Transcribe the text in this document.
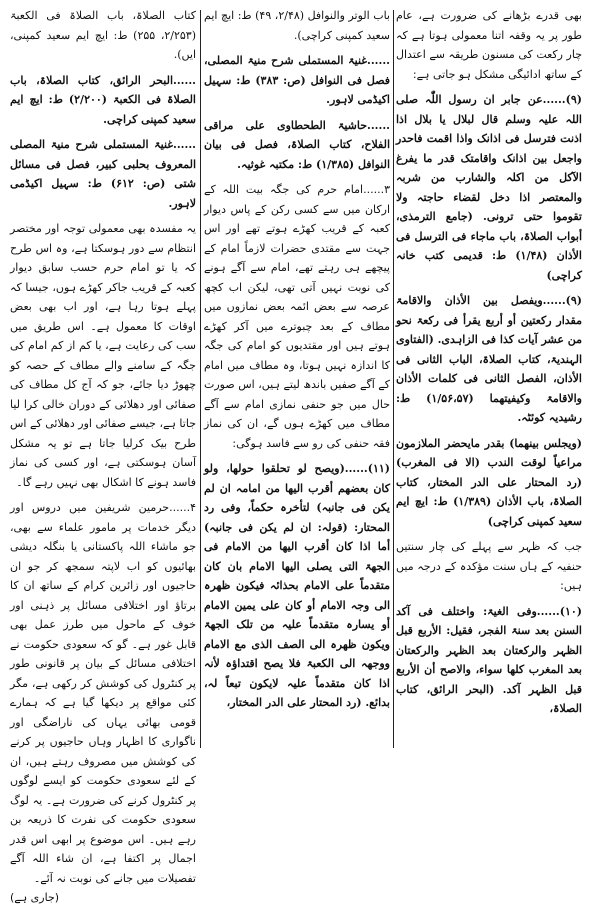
بھی قدرے بڑھانے کی ضرورت ہے، عام طور پر یہ وقفہ اتنا معمولی ہوتا ہے کہ چار رکعت کی مسنون طریقہ سے اعتدال کے ساتھ ادائیگی مشکل ہو جاتی ہے:

(۹)......عن جابر ان رسول اللّٰہ صلی اللہ علیہ وسلم قال لبلال یا بلال اذا اذنت فترسل فی اذانک واذا اقمت فاحدر واجعل بین اذانک واقامتک قدر ما یفرغ الآکل من اکلہ والشارب من شربہ والمعتصر اذا دخل لقضاء حاجتہ ولا تقوموا حتی ترونی. (جامع الترمذی، أبواب الصلاۃ، باب ماجاء فی الترسل فی الأذان (۱/۴۸) ط: قدیمی کتب خانہ کراچی)

(۹)......ویفصل بین الأذان والاقامۃ مقدار رکعتین أو أربع یقرأ فی رکعۃ نحو من عشر آیات کذا فی الزاہدی. (الفتاوی الہندیۃ، کتاب الصلاۃ، الباب الثانی فی الأذان، الفصل الثانی فی کلمات الأذان والاقامۃ وکیفیتھما (۱/۵۶،۵۷) ط: رشیدیہ کوئٹہ.

(ویجلس بینھما) بقدر مایحضر الملازمون مراعیاً لوقت الندب (الا فی المغرب) (رد المحتار علی الدر المختار، کتاب الصلاۃ، باب الأذان (۱/۳۸۹) ط: ایچ ایم سعید کمپنی کراچی)

جب کہ ظہر سے پہلے کی چار سنتیں حنفیہ کے ہاں سنت مؤکدہ کے درجہ میں ہیں:

(۱۰)......وفی الغیۃ: واختلف فی آکد السنن بعد سنۃ الفجر، فقیل: الأربع قبل الظہر والرکعتان بعد الظہر والرکعتان بعد المغرب کلھا سواء، والاصح أن الأربع قبل الظہر آکد. (البحر الرائق، کتاب الصلاۃ،

باب الوتر والنوافل (۲/۴۸، ۴۹) ط: ایچ ایم سعید کمپنی کراچی).

......غنیۃ المستملی شرح منیۃ المصلی، فصل فی النوافل (ص: ۳۸۳) ط: سہیل اکیڈمی لاہور.

......حاشیۃ الطحطاوی علی مراقی الفلاح، کتاب الصلاۃ، فصل فی بیان النوافل (۱/۳۸۵) ط: مکتبہ غوثیہ.

۳......امام حرم کی جگہ بیت اللہ کے ارکان میں سے کسی رکن کے پاس دیوار کعبہ کے قریب کھڑے ہوتے تھے اور اس جہت سے مقتدی حضرات لازماً امام کے پیچھے ہی رہتے تھے، امام سے آگے ہونے کی نوبت نہیں آتی تھی، لیکن اب کچھ عرصہ سے بعض ائمہ بعض نمازوں میں مطاف کے بعد چبوترے میں آکر کھڑے ہوتے ہیں اور مقتدیوں کو امام کی جگہ کا اندازہ نہیں ہوتا، وہ مطاف میں امام کے آگے صفیں باندھ لیتے ہیں، اس صورت حال میں جو حنفی نمازی امام سے آگے مطاف میں کھڑے ہوں گے، ان کی نماز فقہ حنفی کی رو سے فاسد ہوگی:

(۱۱)......(ویصح لو تحلقوا حولھا، ولو کان بعضھم أقرب الیھا من امامہ ان لم یکن فی جانبہ) لتأخرہ حکماً، وفی رد المحتار: (قولہ: ان لم یکن فی جانبہ) أما اذا کان أقرب الیھا من الامام فی الجھۃ التی یصلی الیھا الامام بان کان متقدماً علی الامام بحذائہ فیکون ظھرہ الی وجہ الامام أو کان علی یمین الامام أو یسارہ متقدماً علیہ من تلک الجھۃ ویکون ظھرہ الی الصف الذی مع الامام ووجھہ الی الکعبۃ فلا یصح اقتداؤہ لأنہ اذا کان متقدماً علیہ لایکون تبعاً لہ، بدائع. (رد المحتار علی الدر المختار،

کتاب الصلاۃ، باب الصلاۃ فی الکعبۃ (۲/۲۵۳، ۲۵۵) ط: ایچ ایم سعید کمپنی، ایں).

......البحر الرائق، کتاب الصلاۃ، باب الصلاۃ فی الکعبۃ (۲/۲۰۰) ط: ایچ ایم سعید کمپنی کراچی.

......غنیۃ المستملی شرح منیۃ المصلی المعروف بحلبی کبیر، فصل فی مسائل شتی (ص: ۶۱۲) ط: سہیل اکیڈمی لاہور.

یہ مفسدہ بھی معمولی توجہ اور مختصر انتظام سے دور ہوسکتا ہے، وہ اس طرح کہ یا تو امام حرم حسب سابق دیوار کعبہ کے قریب جاکر کھڑے ہوں، جیسا کہ پہلے ہوتا رہا ہے، اور اب بھی بعض اوقات کا معمول ہے۔ اس طریق میں سب کی رعایت ہے، یا کم از کم امام کی جگہ کے سامنے والے مطاف کے حصہ کو چھوڑ دیا جائے، جو کہ آج کل مطاف کی صفائی اور دھلائی کے دوران خالی کرا لیا جاتا ہے، جیسے صفائی اور دھلائی کے اس طرح بیک کرلیا جاتا ہے تو یہ مشکل آسان ہوسکتی ہے، اور کسی کی نماز فاسد ہونے کا اشکال بھی نہیں رہے گا۔

۴......حرمین شریفین میں دروس اور دیگر خدمات پر مامور علماء سے بھی، جو ماشاء اللہ پاکستانی یا بنگلہ دیشی بھائیوں کو اب لاپتہ سمجھ کر جو ان حاجیوں اور زائرین کرام کے ساتھ ان کا برتاؤ اور اختلافی مسائل پر ذہنی اور خوف کے ماحول میں طرز عمل بھی قابل غور ہے۔ گو کہ سعودی حکومت نے اختلافی مسائل کے بیان پر قانونی طور پر کنٹرول کی کوشش کر رکھی ہے، مگر کئی مواقع پر دیکھا گیا ہے کہ ہمارے قومی بھائی یہاں کی ناراضگی اور ناگواری کا اظہار وہاں حاجیوں پر کرنے کی کوشش میں مصروف رہتے ہیں، ان کے لئے سعودی حکومت کو ایسے لوگوں پر کنٹرول کرنے کی ضرورت ہے۔ یہ لوگ سعودی حکومت کی نفرت کا ذریعہ بن رہے ہیں۔ اس موضوع پر ابھی اس قدر اجمال پر اکتفا ہے، ان شاء اللہ آگے تفصیلات میں جانے کی نوبت نہ آئے۔

(جاری ہے)
